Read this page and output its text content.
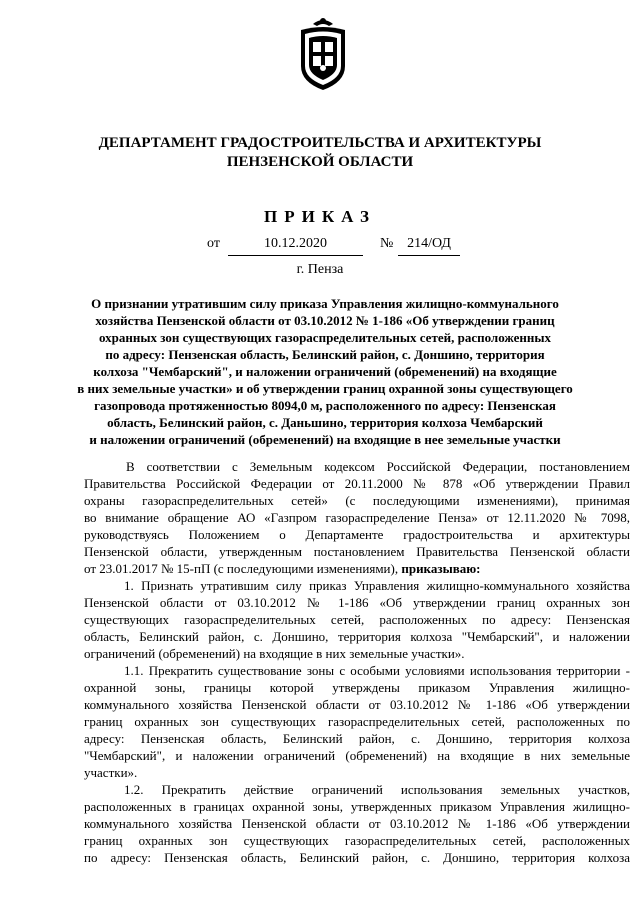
ДЕПАРТАМЕНТ ГРАДОСТРОИТЕЛЬСТВА И АРХИТЕКТУРЫ
ПЕНЗЕНСКОЙ ОБЛАСТИ
ПРИКАЗ
от	10.12.2020	№ 214/ОД
г. Пенза
О признании утратившим силу приказа Управления жилищно-коммунального
хозяйства Пензенской области от 03.10.2012 № 1-186 «Об утверждении границ
охранных зон существующих газораспределительных сетей, расположенных
по адресу: Пензенская область, Белинский район, с. Доншино, территория
колхоза "Чембарский", и наложении ограничений (обременений) на входящие
в них земельные участки» и об утверждении границ охранной зоны существующего
газопровода протяженностью 8094,0 м, расположенного по адресу: Пензенская
область, Белинский район, с. Даньшино, территория колхоза Чембарский
и наложении ограничений (обременений) на входящие в нее земельные участки
В соответствии с Земельным кодексом Российской Федерации, постановлением
Правительства Российской Федерации от 20.11.2000 № 878 «Об утверждении Правил
охраны газораспределительных сетей» (с последующими изменениями), принимая
во внимание обращение АО «Газпром газораспределение Пенза» от 12.11.2020 № 7098,
руководствуясь Положением о Департаменте градостроительства и архитектуры
Пензенской области, утвержденным постановлением Правительства Пензенской области
от 23.01.2017 № 15-пП (с последующими изменениями), приказываю:
1. Признать утратившим силу приказ Управления жилищно-коммунального хозяйства
Пензенской области от 03.10.2012 № 1-186 «Об утверждении границ охранных зон
существующих газораспределительных сетей, расположенных по адресу: Пензенская
область, Белинский район, с. Доншино, территория колхоза "Чембарский", и наложении
ограничений (обременений) на входящие в них земельные участки».
1.1. Прекратить существование зоны с особыми условиями использования территории -
охранной зоны, границы которой утверждены приказом Управления жилищно-
коммунального хозяйства Пензенской области от 03.10.2012 № 1-186 «Об утверждении
границ охранных зон существующих газораспределительных сетей, расположенных по
адресу: Пензенская область, Белинский район, с. Доншино, территория колхоза
"Чембарский", и наложении ограничений (обременений) на входящие в них земельные
участки».
1.2. Прекратить действие ограничений использования земельных участков,
расположенных в границах охранной зоны, утвержденных приказом Управления жилищно-
коммунального хозяйства Пензенской области от 03.10.2012 № 1-186 «Об утверждении
границ охранных зон существующих газораспределительных сетей, расположенных
по адресу: Пензенская область, Белинский район, с. Доншино, территория колхоза
